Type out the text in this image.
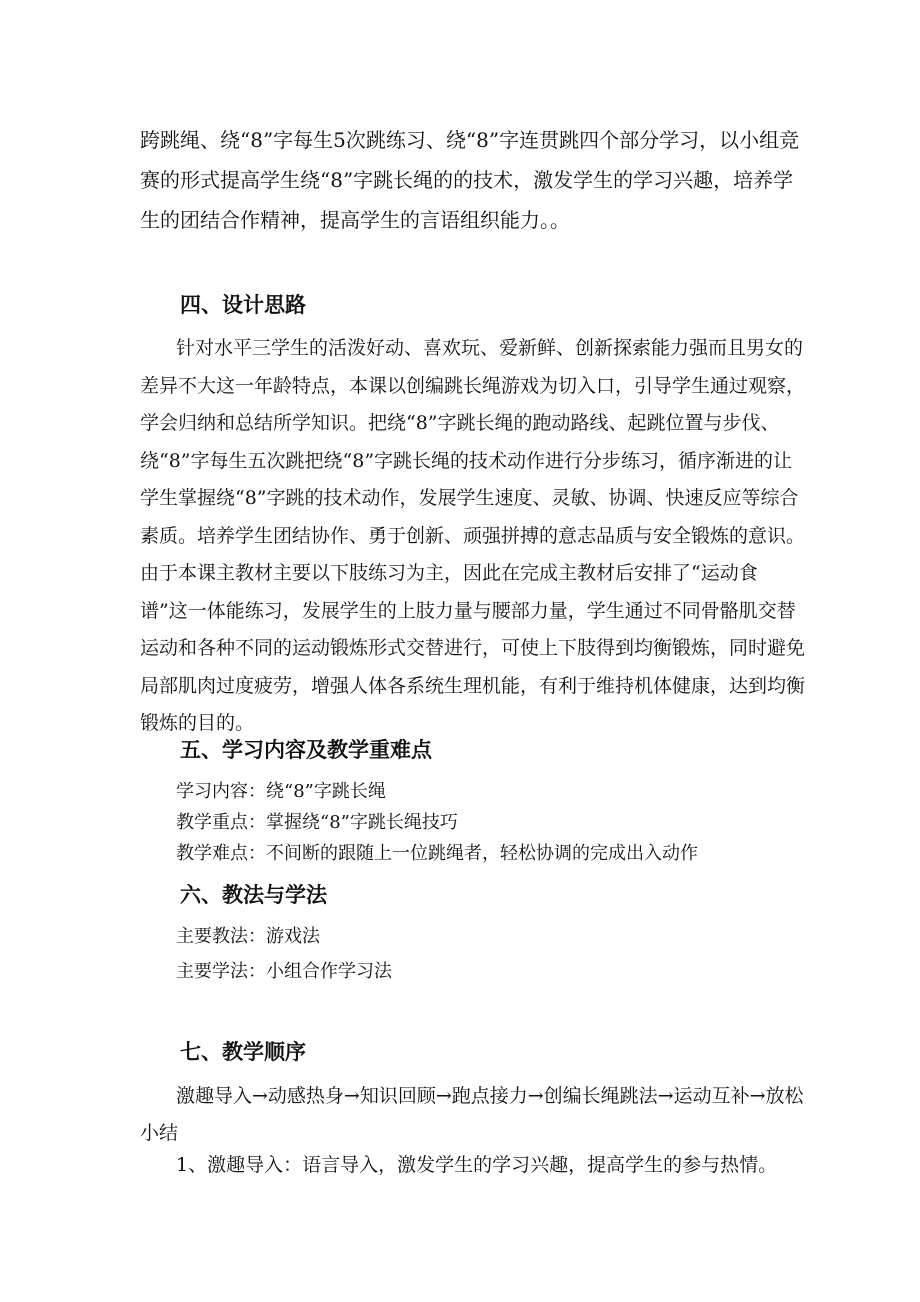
跨跳绳、绕“8”字每生5次跳练习、绕“8”字连贯跳四个部分学习，以小组竞赛的形式提高学生绕“8”字跳长绳的的技术，激发学生的学习兴趣，培养学生的团结合作精神，提高学生的言语组织能力。。

四、设计思路

针对水平三学生的活泼好动、喜欢玩、爱新鲜、创新探索能力强而且男女的差异不大这一年龄特点，本课以创编跳长绳游戏为切入口，引导学生通过观察，学会归纳和总结所学知识。把绕“8”字跳长绳的跑动路线、起跳位置与步伐、绕“8”字每生五次跳把绕“8”字跳长绳的技术动作进行分步练习，循序渐进的让学生掌握绕“8”字跳的技术动作，发展学生速度、灵敏、协调、快速反应等综合素质。培养学生团结协作、勇于创新、顽强拼搏的意志品质与安全锻炼的意识。由于本课主教材主要以下肢练习为主，因此在完成主教材后安排了“运动食谱”这一体能练习，发展学生的上肢力量与腰部力量，学生通过不同骨骼肌交替运动和各种不同的运动锻炼形式交替进行，可使上下肢得到均衡锻炼，同时避免局部肌肉过度疲劳，增强人体各系统生理机能，有利于维持机体健康，达到均衡锻炼的目的。

五、学习内容及教学重难点

学习内容：绕“8”字跳长绳

教学重点：掌握绕“8”字跳长绳技巧

教学难点：不间断的跟随上一位跳绳者，轻松协调的完成出入动作

六、教法与学法

主要教法：游戏法

主要学法：小组合作学习法

七、教学顺序

激趣导入→动感热身→知识回顾→跑点接力→创编长绳跳法→运动互补→放松小结

1、激趣导入：语言导入，激发学生的学习兴趣，提高学生的参与热情。
